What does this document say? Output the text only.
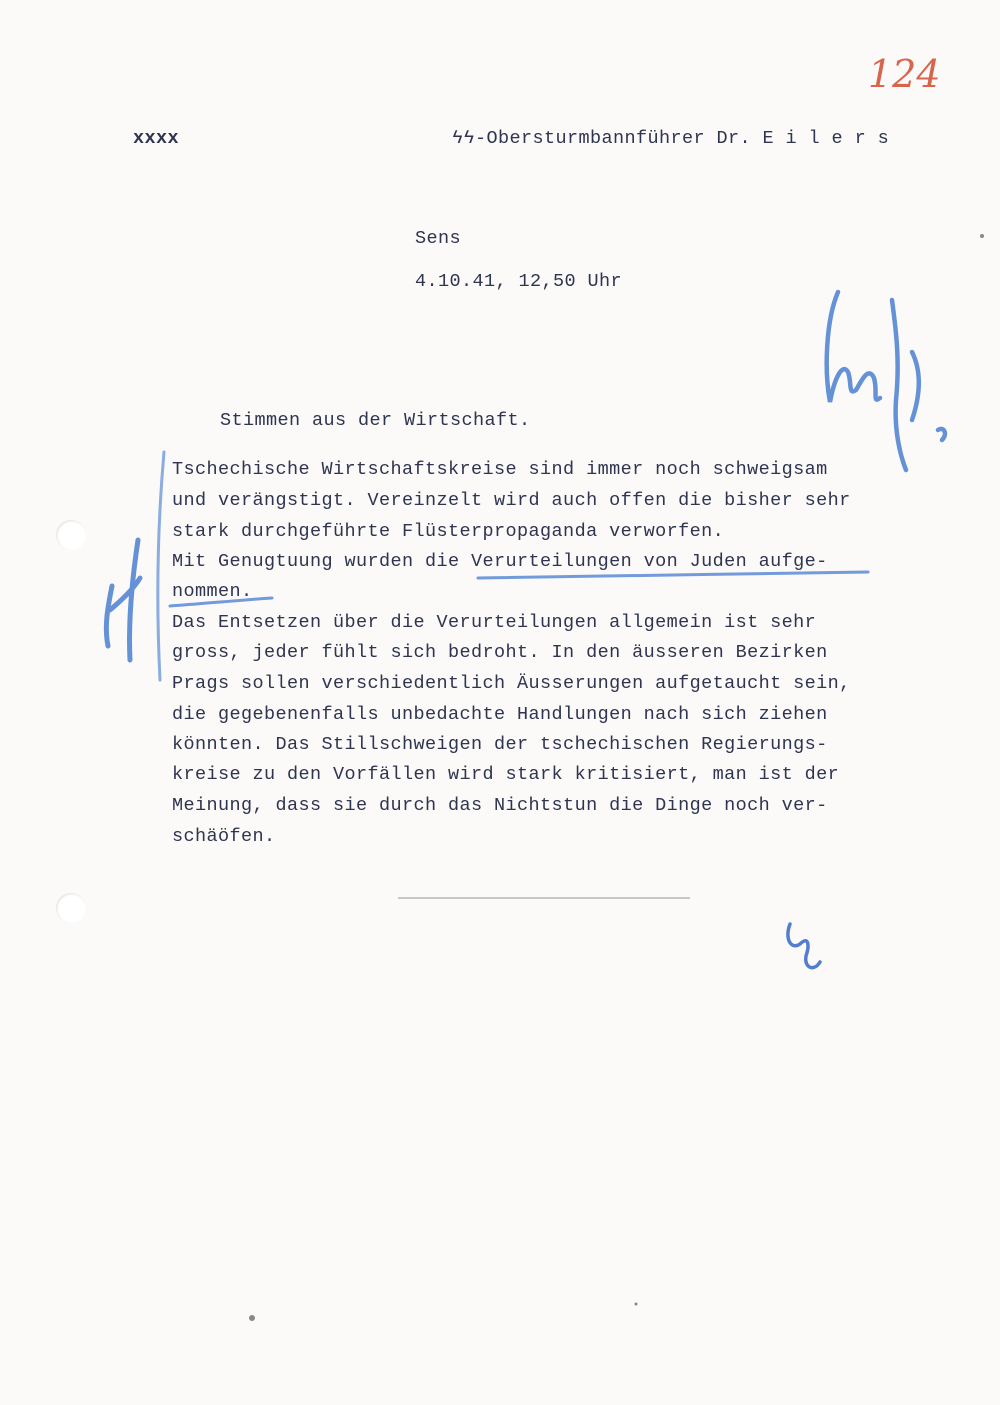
124
xxxx	ϟϟ-Obersturmbannführer Dr. E i l e r s
Sens
4.10.41, 12,50 Uhr
Stimmen aus der Wirtschaft.
Tschechische Wirtschaftskreise sind immer noch schweigsam
und verängstigt. Vereinzelt wird auch offen die bisher sehr
stark durchgeführte Flüsterpropaganda verworfen.
Mit Genugtuung wurden die Verurteilungen von Juden aufge-
nommen.
Das Entsetzen über die Verurteilungen allgemein ist sehr
gross, jeder fühlt sich bedroht. In den äusseren Bezirken
Prags sollen verschiedentlich Äusserungen aufgetaucht sein,
die gegebenenfalls unbedachte Handlungen nach sich ziehen
könnten. Das Stillschweigen der tschechischen Regierungs-
kreise zu den Vorfällen wird stark kritisiert, man ist der
Meinung, dass sie durch das Nichtstun die Dinge noch ver-
schäöfen.
